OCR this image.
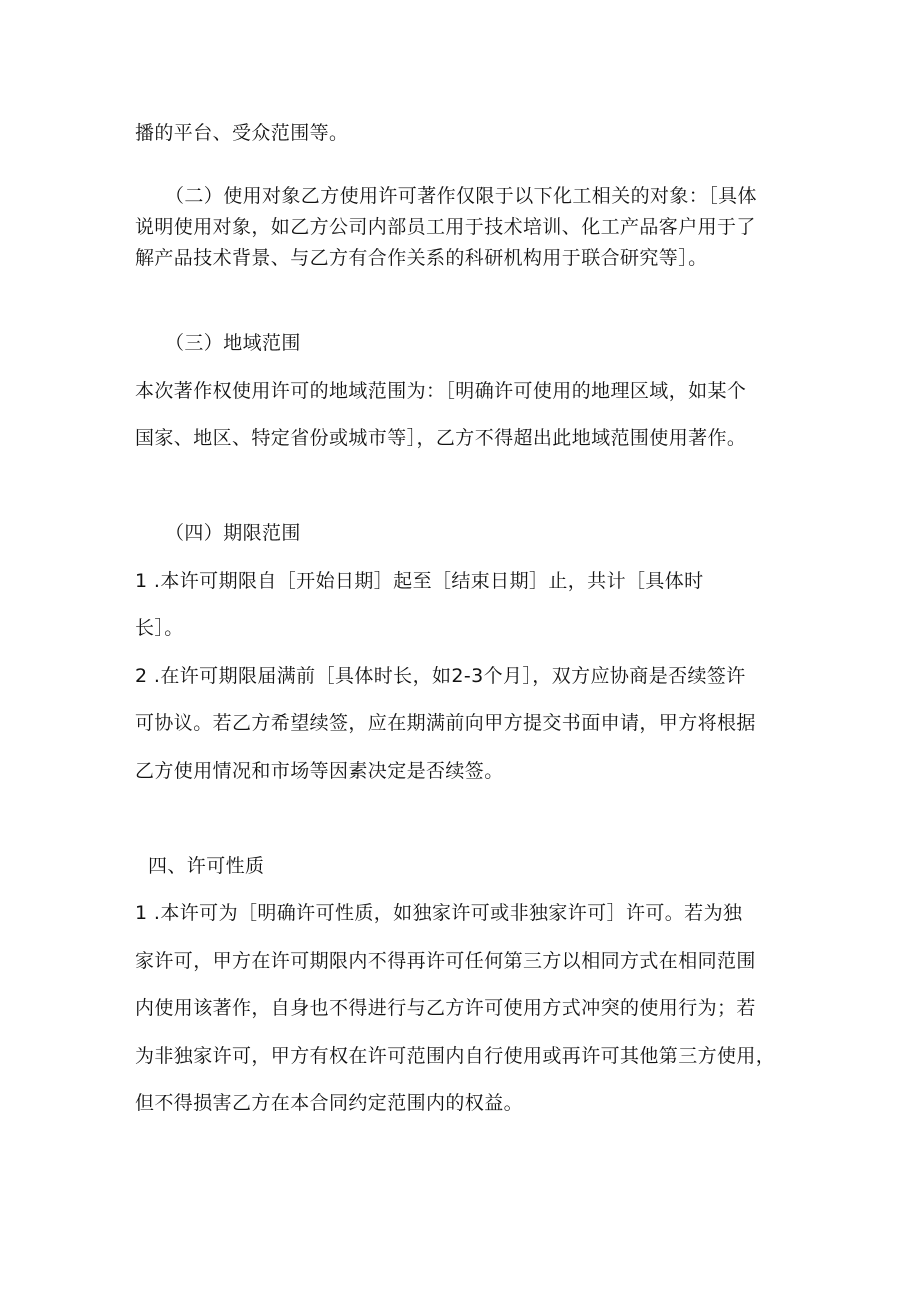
播的平台、受众范围等。
（二）使用对象乙方使用许可著作仅限于以下化工相关的对象：［具体
说明使用对象，如乙方公司内部员工用于技术培训、化工产品客户用于了
解产品技术背景、与乙方有合作关系的科研机构用于联合研究等］。
（三）地域范围
本次著作权使用许可的地域范围为：［明确许可使用的地理区域，如某个
国家、地区、特定省份或城市等］，乙方不得超出此地域范围使用著作。
（四）期限范围
1 .本许可期限自［开始日期］起至［结束日期］止，共计［具体时
长］。
2 .在许可期限届满前［具体时长，如2-3个月］，双方应协商是否续签许
可协议。若乙方希望续签，应在期满前向甲方提交书面申请，甲方将根据
乙方使用情况和市场等因素决定是否续签。
四、许可性质
1 .本许可为［明确许可性质，如独家许可或非独家许可］许可。若为独
家许可，甲方在许可期限内不得再许可任何第三方以相同方式在相同范围
内使用该著作，自身也不得进行与乙方许可使用方式冲突的使用行为；若
为非独家许可，甲方有权在许可范围内自行使用或再许可其他第三方使用，
但不得损害乙方在本合同约定范围内的权益。
